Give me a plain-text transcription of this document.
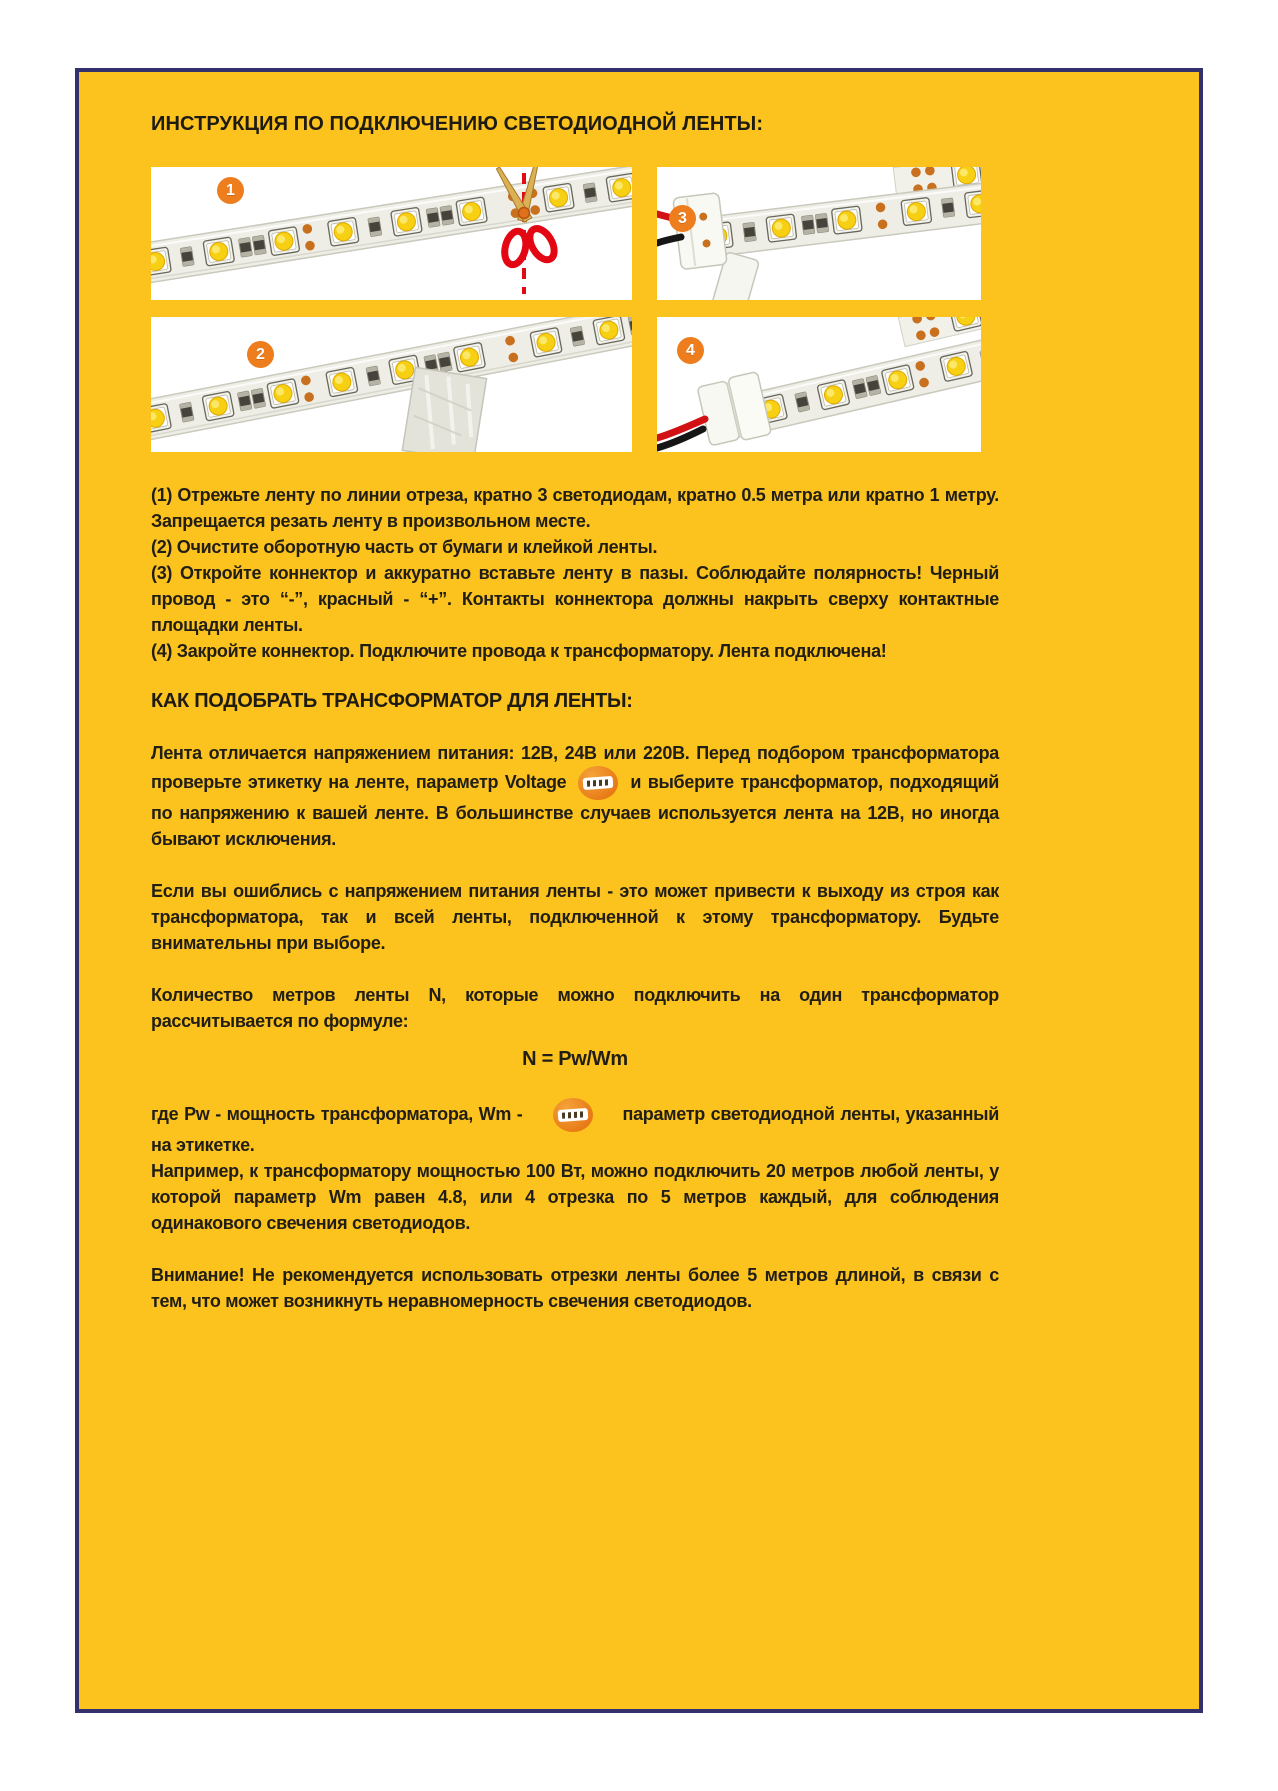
ИНСТРУКЦИЯ ПО ПОДКЛЮЧЕНИЮ СВЕТОДИОДНОЙ ЛЕНТЫ:
1
3
2	4

(1) Отрежьте ленту по линии отреза, кратно 3 светодиодам, кратно 0.5 метра или кратно 1 метру. Запрещается резать ленту в произвольном месте.

(2) Очистите оборотную часть от бумаги и клейкой ленты.

(3) Откройте коннектор и аккуратно вставьте ленту в пазы. Соблюдайте полярность! Черный провод - это “-”, красный - “+”. Контакты коннектора должны накрыть сверху контактные площадки ленты.

(4) Закройте коннектор. Подключите провода к трансформатору. Лента подключена!

КАК ПОДОБРАТЬ ТРАНСФОРМАТОР ДЛЯ ЛЕНТЫ:

Лента отличается напряжением питания: 12В, 24В или 220В. Перед подбором трансформатора проверьте этикетку на ленте, параметр Voltage	и выберите трансформатор, подходящий по напряжению к вашей ленте. В большинстве случаев используется лента на 12В, но иногда бывают исключения.

Если вы ошиблись с напряжением питания ленты - это может привести к выходу из строя как трансформатора, так и всей ленты, подключенной к этому трансформатору. Будьте внимательны при выборе.

Количество метров ленты N, которые можно подключить на один трансформатор рассчитывается по формуле:

N = Pw/Wm

где Pw - мощность трансформатора, Wm -	параметр светодиодной ленты, указанный на этикетке.

Например, к трансформатору мощностью 100 Вт, можно подключить 20 метров любой ленты, у которой параметр Wm равен 4.8, или 4 отрезка по 5 метров каждый, для соблюдения одинакового свечения светодиодов.

Внимание! Не рекомендуется использовать отрезки ленты более 5 метров длиной, в связи с тем, что может возникнуть неравномерность свечения светодиодов.
